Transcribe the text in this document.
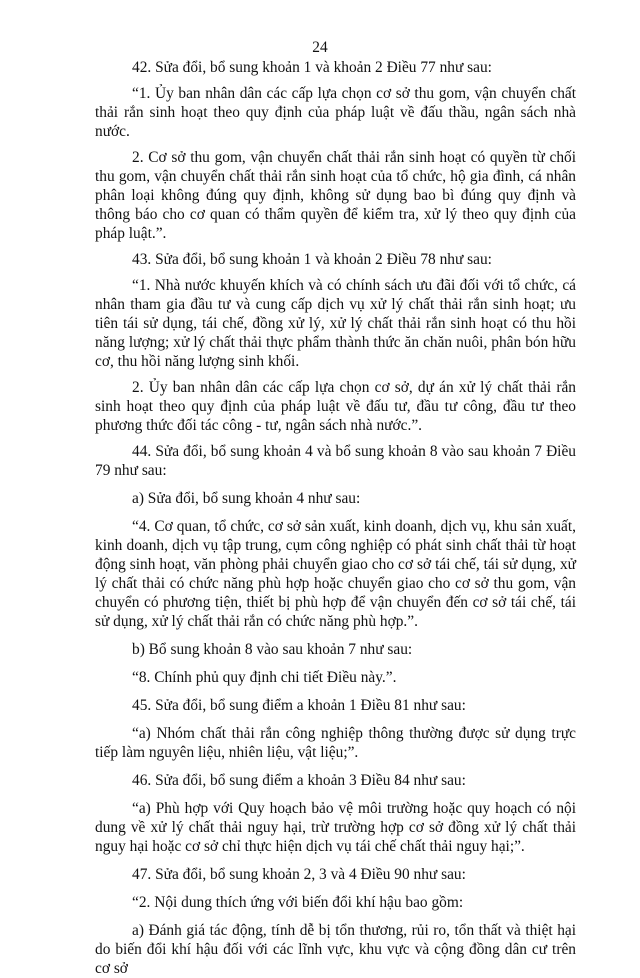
24

42. Sửa đổi, bổ sung khoản 1 và khoản 2 Điều 77 như sau:

“1. Ủy ban nhân dân các cấp lựa chọn cơ sở thu gom, vận chuyển chất thải rắn sinh hoạt theo quy định của pháp luật về đấu thầu, ngân sách nhà nước.

2. Cơ sở thu gom, vận chuyển chất thải rắn sinh hoạt có quyền từ chối thu gom, vận chuyển chất thải rắn sinh hoạt của tổ chức, hộ gia đình, cá nhân phân loại không đúng quy định, không sử dụng bao bì đúng quy định và thông báo cho cơ quan có thẩm quyền để kiểm tra, xử lý theo quy định của pháp luật.”.

43. Sửa đổi, bổ sung khoản 1 và khoản 2 Điều 78 như sau:

“1. Nhà nước khuyến khích và có chính sách ưu đãi đối với tổ chức, cá nhân tham gia đầu tư và cung cấp dịch vụ xử lý chất thải rắn sinh hoạt; ưu tiên tái sử dụng, tái chế, đồng xử lý, xử lý chất thải rắn sinh hoạt có thu hồi năng lượng; xử lý chất thải thực phẩm thành thức ăn chăn nuôi, phân bón hữu cơ, thu hồi năng lượng sinh khối.

2. Ủy ban nhân dân các cấp lựa chọn cơ sở, dự án xử lý chất thải rắn sinh hoạt theo quy định của pháp luật về đấu tư, đầu tư công, đầu tư theo phương thức đối tác công - tư, ngân sách nhà nước.”.

44. Sửa đổi, bổ sung khoản 4 và bổ sung khoản 8 vào sau khoản 7 Điều 79 như sau:

a) Sửa đổi, bổ sung khoản 4 như sau:

“4. Cơ quan, tổ chức, cơ sở sản xuất, kinh doanh, dịch vụ, khu sản xuất, kinh doanh, dịch vụ tập trung, cụm công nghiệp có phát sinh chất thải từ hoạt động sinh hoạt, văn phòng phải chuyển giao cho cơ sở tái chế, tái sử dụng, xử lý chất thải có chức năng phù hợp hoặc chuyển giao cho cơ sở thu gom, vận chuyển có phương tiện, thiết bị phù hợp để vận chuyển đến cơ sở tái chế, tái sử dụng, xử lý chất thải rắn có chức năng phù hợp.”.

b) Bổ sung khoản 8 vào sau khoản 7 như sau:

“8. Chính phủ quy định chi tiết Điều này.”.

45. Sửa đổi, bổ sung điểm a khoản 1 Điều 81 như sau:

“a) Nhóm chất thải rắn công nghiệp thông thường được sử dụng trực tiếp làm nguyên liệu, nhiên liệu, vật liệu;”.

46. Sửa đổi, bổ sung điểm a khoản 3 Điều 84 như sau:

“a) Phù hợp với Quy hoạch bảo vệ môi trường hoặc quy hoạch có nội dung về xử lý chất thải nguy hại, trừ trường hợp cơ sở đồng xử lý chất thải nguy hại hoặc cơ sở chỉ thực hiện dịch vụ tái chế chất thải nguy hại;”.

47. Sửa đổi, bổ sung khoản 2, 3 và 4 Điều 90 như sau:

“2. Nội dung thích ứng với biến đổi khí hậu bao gồm:

a) Đánh giá tác động, tính dễ bị tổn thương, rủi ro, tổn thất và thiệt hại do biến đổi khí hậu đối với các lĩnh vực, khu vực và cộng đồng dân cư trên cơ sở
